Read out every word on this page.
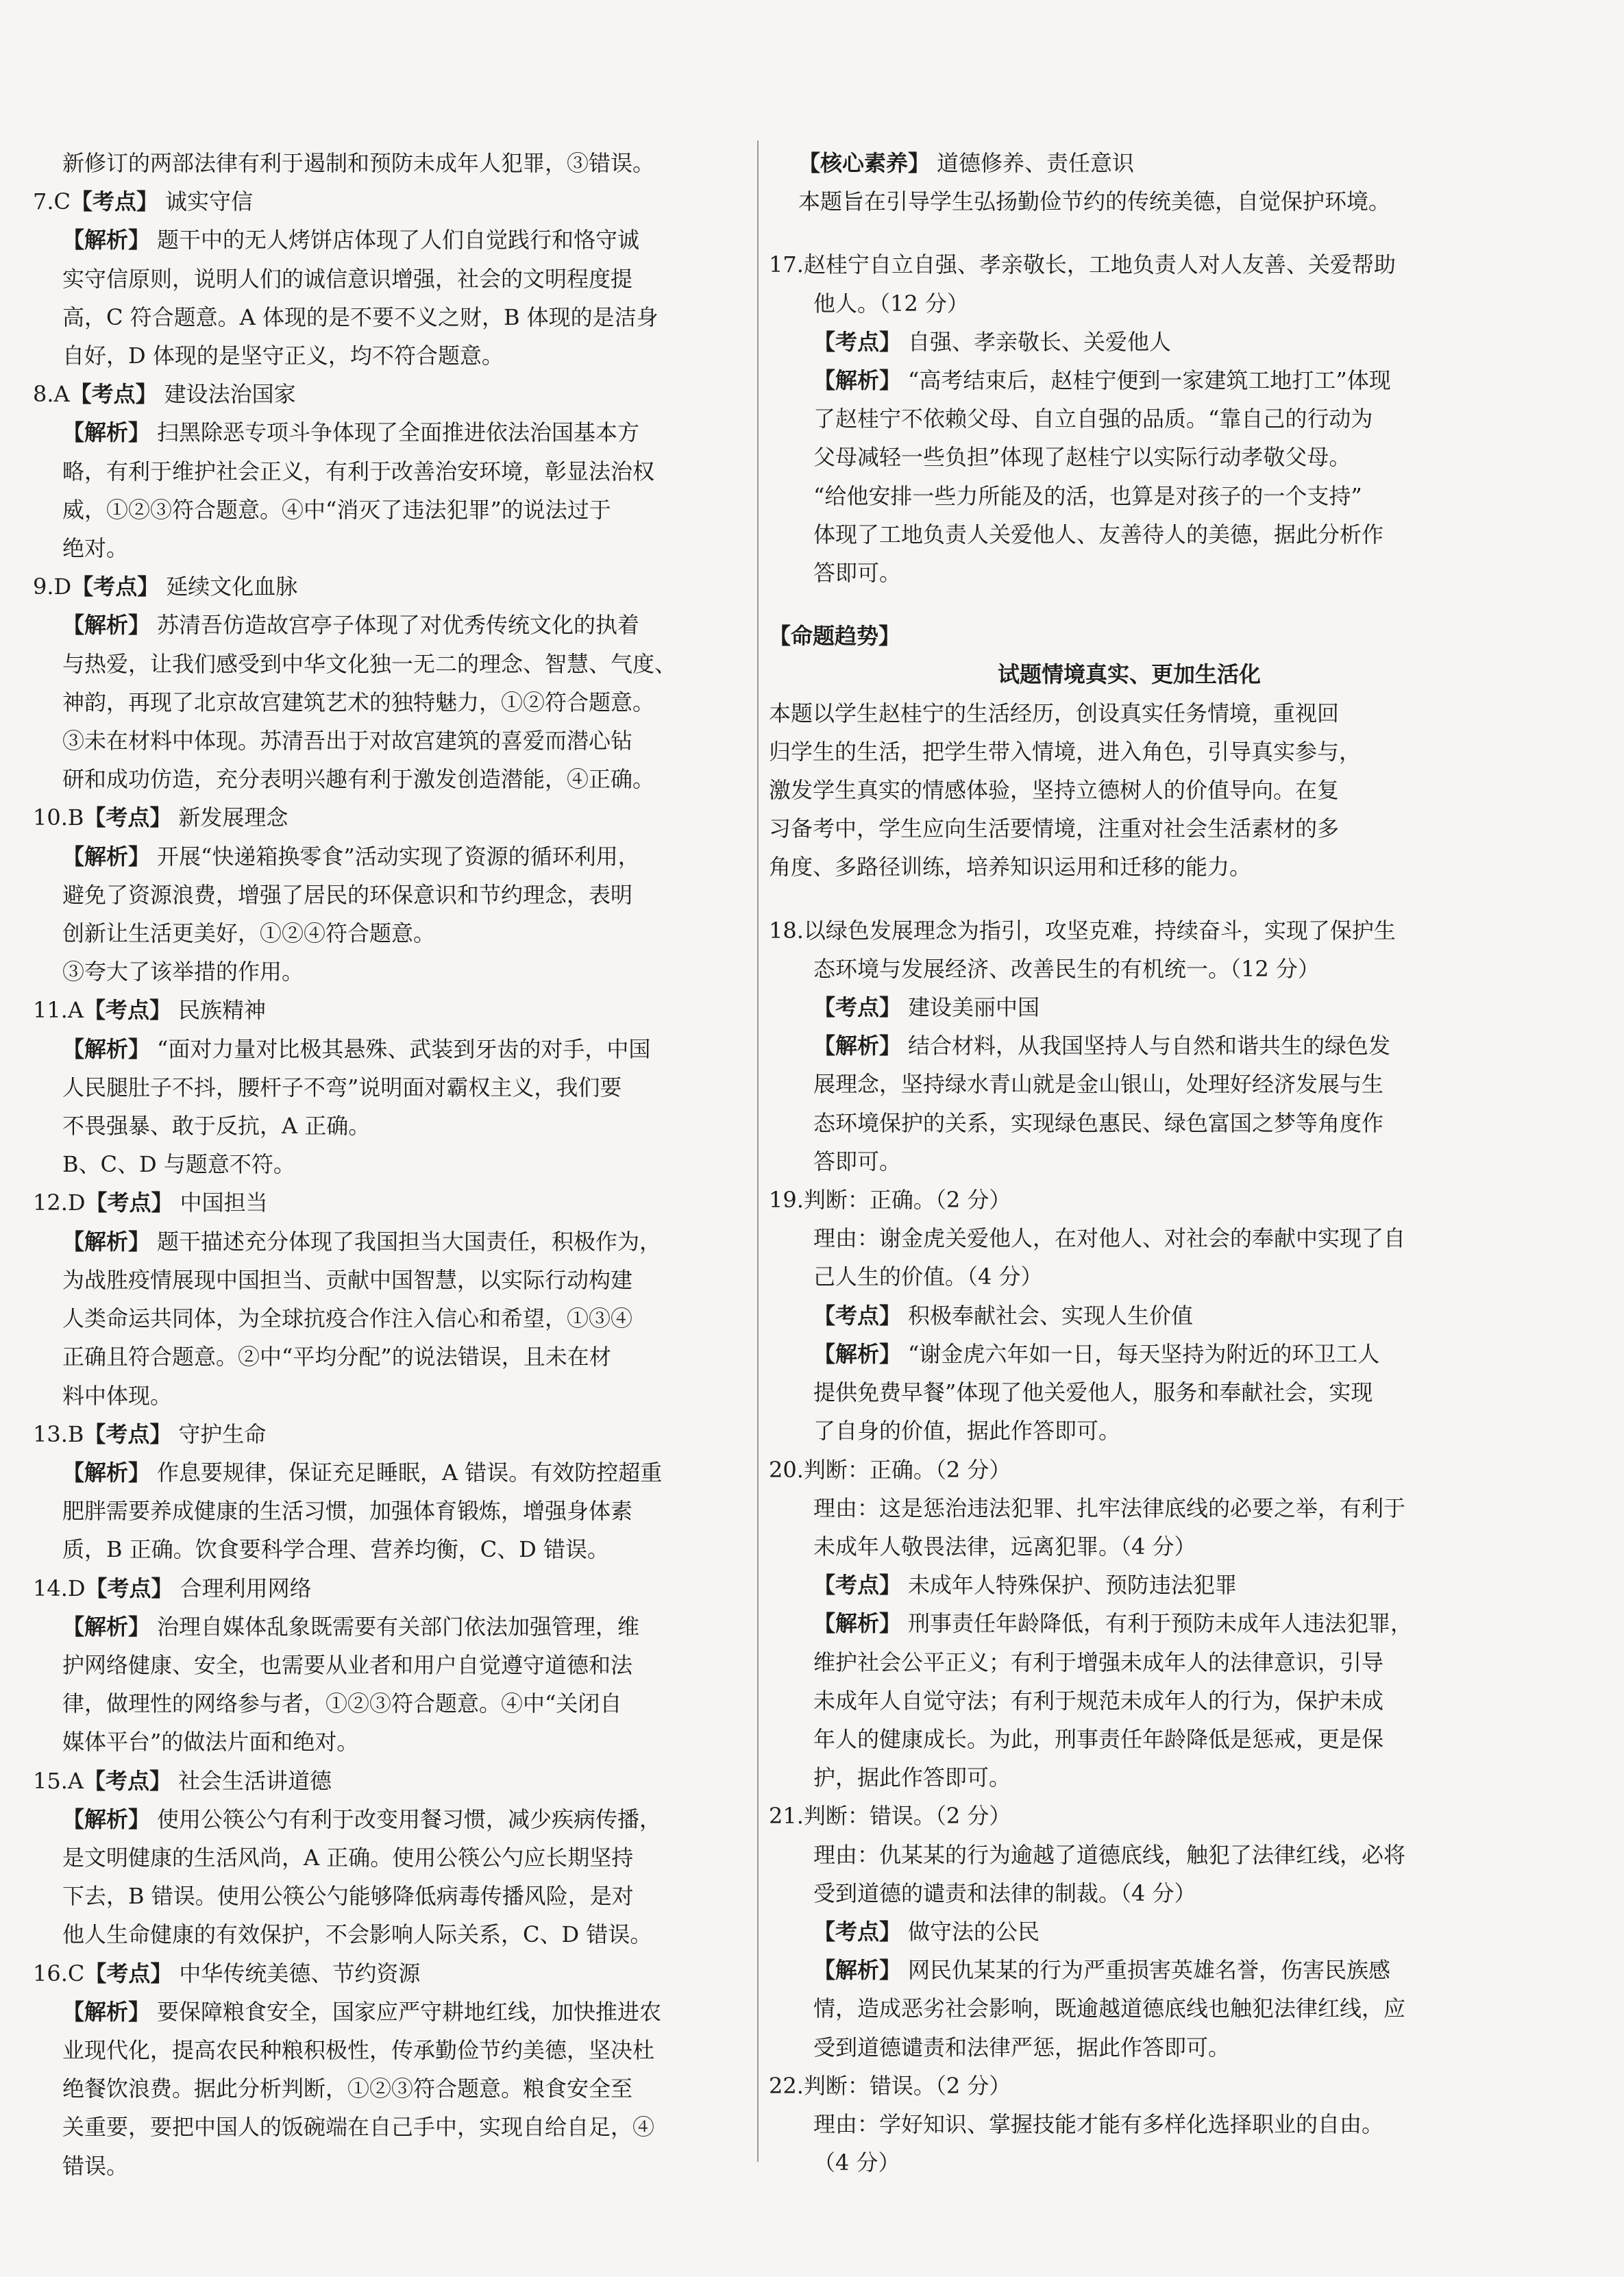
新修订的两部法律有利于遏制和预防未成年人犯罪，③错误。

7.C【考点】 诚实守信

【解析】 题干中的无人烤饼店体现了人们自觉践行和恪守诚

实守信原则，说明人们的诚信意识增强，社会的文明程度提

高，C 符合题意。A 体现的是不要不义之财，B 体现的是洁身

自好，D 体现的是坚守正义，均不符合题意。

8.A【考点】 建设法治国家

【解析】 扫黑除恶专项斗争体现了全面推进依法治国基本方

略，有利于维护社会正义，有利于改善治安环境，彰显法治权

威，①②③符合题意。④中“消灭了违法犯罪”的说法过于

绝对。

9.D【考点】 延续文化血脉

【解析】 苏清吾仿造故宫亭子体现了对优秀传统文化的执着

与热爱，让我们感受到中华文化独一无二的理念、智慧、气度、

神韵，再现了北京故宫建筑艺术的独特魅力，①②符合题意。

③未在材料中体现。苏清吾出于对故宫建筑的喜爱而潜心钻

研和成功仿造，充分表明兴趣有利于激发创造潜能，④正确。

10.B【考点】 新发展理念

【解析】 开展“快递箱换零食”活动实现了资源的循环利用，

避免了资源浪费，增强了居民的环保意识和节约理念，表明

创新让生活更美好，①②④符合题意。

③夸大了该举措的作用。

11.A【考点】 民族精神

【解析】 “面对力量对比极其悬殊、武装到牙齿的对手，中国

人民腿肚子不抖，腰杆子不弯”说明面对霸权主义，我们要

不畏强暴、敢于反抗，A 正确。

B、C、D 与题意不符。

12.D【考点】 中国担当

【解析】 题干描述充分体现了我国担当大国责任，积极作为，

为战胜疫情展现中国担当、贡献中国智慧，以实际行动构建

人类命运共同体，为全球抗疫合作注入信心和希望，①③④

正确且符合题意。②中“平均分配”的说法错误，且未在材

料中体现。

13.B【考点】 守护生命

【解析】 作息要规律，保证充足睡眠，A 错误。有效防控超重

肥胖需要养成健康的生活习惯，加强体育锻炼，增强身体素

质，B 正确。饮食要科学合理、营养均衡，C、D 错误。

14.D【考点】 合理利用网络

【解析】 治理自媒体乱象既需要有关部门依法加强管理，维

护网络健康、安全，也需要从业者和用户自觉遵守道德和法

律，做理性的网络参与者，①②③符合题意。④中“关闭自

媒体平台”的做法片面和绝对。

15.A【考点】 社会生活讲道德

【解析】 使用公筷公勺有利于改变用餐习惯，减少疾病传播，

是文明健康的生活风尚，A 正确。使用公筷公勺应长期坚持

下去，B 错误。使用公筷公勺能够降低病毒传播风险，是对

他人生命健康的有效保护，不会影响人际关系，C、D 错误。

16.C【考点】 中华传统美德、节约资源

【解析】 要保障粮食安全，国家应严守耕地红线，加快推进农

业现代化，提高农民种粮积极性，传承勤俭节约美德，坚决杜

绝餐饮浪费。据此分析判断，①②③符合题意。粮食安全至

关重要，要把中国人的饭碗端在自己手中，实现自给自足，④

错误。

【核心素养】 道德修养、责任意识

本题旨在引导学生弘扬勤俭节约的传统美德，自觉保护环境。

17.赵桂宁自立自强、孝亲敬长，工地负责人对人友善、关爱帮助

他人。（12 分）

【考点】 自强、孝亲敬长、关爱他人

【解析】 “高考结束后，赵桂宁便到一家建筑工地打工”体现

了赵桂宁不依赖父母、自立自强的品质。“靠自己的行动为

父母减轻一些负担”体现了赵桂宁以实际行动孝敬父母。

“给他安排一些力所能及的活，也算是对孩子的一个支持”

体现了工地负责人关爱他人、友善待人的美德，据此分析作

答即可。

【命题趋势】

试题情境真实、更加生活化

本题以学生赵桂宁的生活经历，创设真实任务情境，重视回

归学生的生活，把学生带入情境，进入角色，引导真实参与，

激发学生真实的情感体验，坚持立德树人的价值导向。在复

习备考中，学生应向生活要情境，注重对社会生活素材的多

角度、多路径训练，培养知识运用和迁移的能力。

18.以绿色发展理念为指引，攻坚克难，持续奋斗，实现了保护生

态环境与发展经济、改善民生的有机统一。（12 分）

【考点】 建设美丽中国

【解析】 结合材料，从我国坚持人与自然和谐共生的绿色发

展理念，坚持绿水青山就是金山银山，处理好经济发展与生

态环境保护的关系，实现绿色惠民、绿色富国之梦等角度作

答即可。

19.判断：正确。（2 分）

理由：谢金虎关爱他人，在对他人、对社会的奉献中实现了自

己人生的价值。（4 分）

【考点】 积极奉献社会、实现人生价值

【解析】 “谢金虎六年如一日，每天坚持为附近的环卫工人

提供免费早餐”体现了他关爱他人，服务和奉献社会，实现

了自身的价值，据此作答即可。

20.判断：正确。（2 分）

理由：这是惩治违法犯罪、扎牢法律底线的必要之举，有利于

未成年人敬畏法律，远离犯罪。（4 分）

【考点】 未成年人特殊保护、预防违法犯罪

【解析】 刑事责任年龄降低，有利于预防未成年人违法犯罪，

维护社会公平正义；有利于增强未成年人的法律意识，引导

未成年人自觉守法；有利于规范未成年人的行为，保护未成

年人的健康成长。为此，刑事责任年龄降低是惩戒，更是保

护，据此作答即可。

21.判断：错误。（2 分）

理由：仇某某的行为逾越了道德底线，触犯了法律红线，必将

受到道德的谴责和法律的制裁。（4 分）

【考点】 做守法的公民

【解析】 网民仇某某的行为严重损害英雄名誉，伤害民族感

情，造成恶劣社会影响，既逾越道德底线也触犯法律红线，应

受到道德谴责和法律严惩，据此作答即可。

22.判断：错误。（2 分）

理由：学好知识、掌握技能才能有多样化选择职业的自由。

（4 分）
